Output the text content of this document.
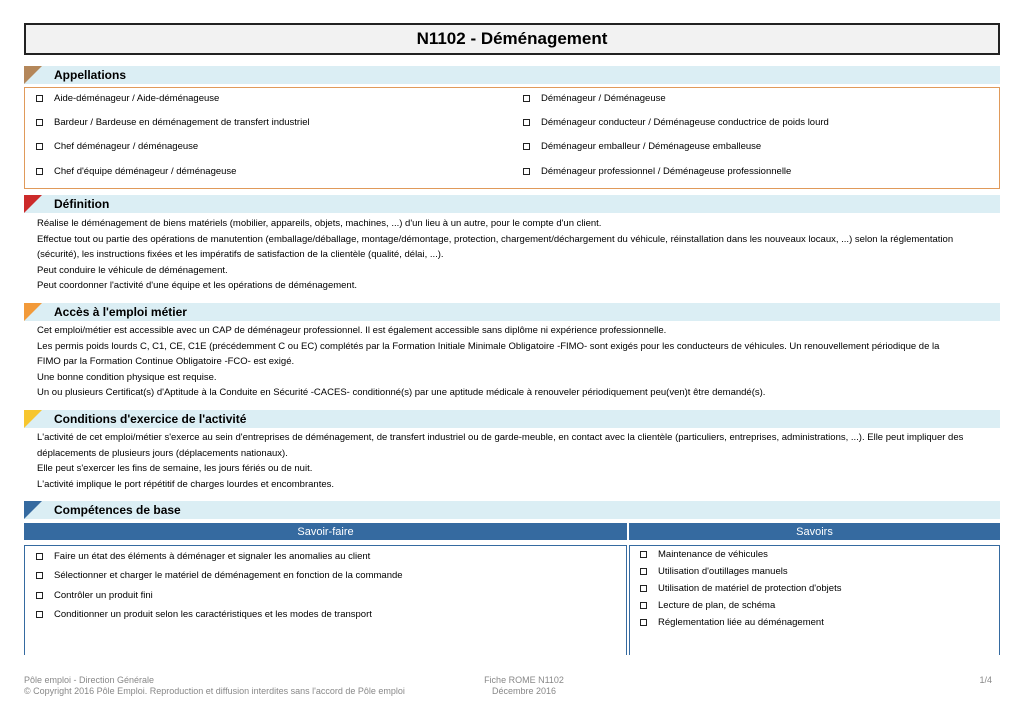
N1102 - Déménagement
Appellations
Aide-déménageur / Aide-déménageuse
Bardeur / Bardeuse en déménagement de transfert industriel
Chef déménageur / déménageuse
Chef d'équipe déménageur / déménageuse
Déménageur / Déménageuse
Déménageur conducteur / Déménageuse conductrice de poids lourd
Déménageur emballeur / Déménageuse emballeuse
Déménageur professionnel / Déménageuse professionnelle
Définition

Réalise le déménagement de biens matériels (mobilier, appareils, objets, machines, ...) d'un lieu à un autre, pour le compte d'un client.

Effectue tout ou partie des opérations de manutention (emballage/déballage, montage/démontage, protection, chargement/déchargement du véhicule, réinstallation dans les nouveaux locaux, ...) selon la réglementation

(sécurité), les instructions fixées et les impératifs de satisfaction de la clientèle (qualité, délai, ...).

Peut conduire le véhicule de déménagement.

Peut coordonner l'activité d'une équipe et les opérations de déménagement.

Accès à l'emploi métier

Cet emploi/métier est accessible avec un CAP de déménageur professionnel. Il est également accessible sans diplôme ni expérience professionnelle.

Les permis poids lourds C, C1, CE, C1E (précédemment C ou EC) complétés par la Formation Initiale Minimale Obligatoire -FIMO- sont exigés pour les conducteurs de véhicules. Un renouvellement périodique de la

FIMO par la Formation Continue Obligatoire -FCO- est exigé.

Une bonne condition physique est requise.

Un ou plusieurs Certificat(s) d'Aptitude à la Conduite en Sécurité -CACES- conditionné(s) par une aptitude médicale à renouveler périodiquement peu(ven)t être demandé(s).

Conditions d'exercice de l'activité

L'activité de cet emploi/métier s'exerce au sein d'entreprises de déménagement, de transfert industriel ou de garde-meuble, en contact avec la clientèle (particuliers, entreprises, administrations, ...). Elle peut impliquer des

déplacements de plusieurs jours (déplacements nationaux).

Elle peut s'exercer les fins de semaine, les jours fériés ou de nuit.

L'activité implique le port répétitif de charges lourdes et encombrantes.

Compétences de base
Savoir-faire	Savoirs
Faire un état des éléments à déménager et signaler les anomalies au client
Sélectionner et charger le matériel de déménagement en fonction de la commande
Contrôler un produit fini
Conditionner un produit selon les caractéristiques et les modes de transport
Maintenance de véhicules
Utilisation d'outillages manuels
Utilisation de matériel de protection d'objets
Lecture de plan, de schéma
Réglementation liée au déménagement
Pôle emploi - Direction Générale
© Copyright 2016 Pôle Emploi. Reproduction et diffusion interdites sans l'accord de Pôle emploi
Fiche ROME N1102
Décembre 2016
1/4
